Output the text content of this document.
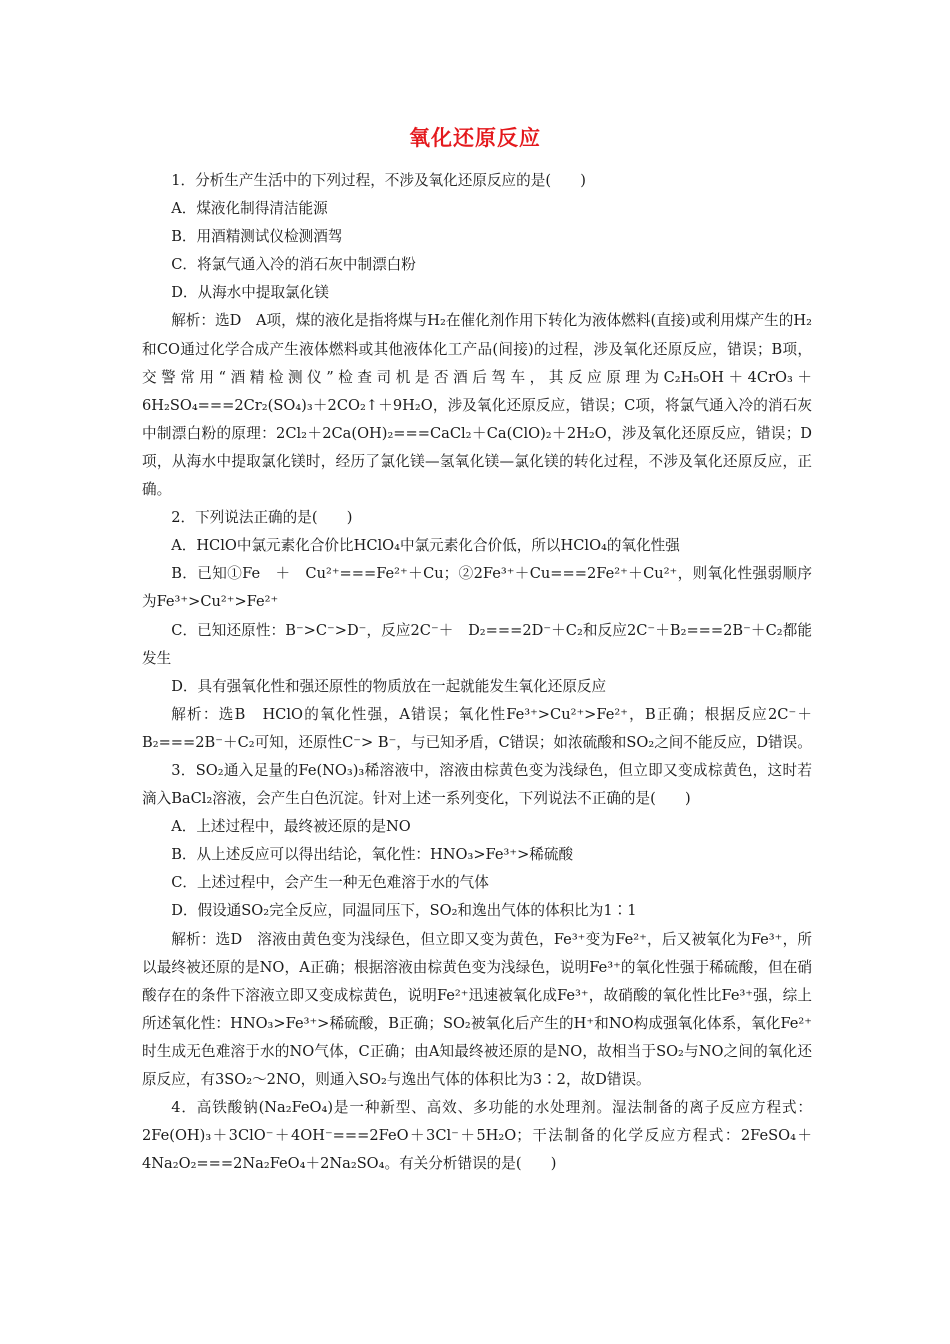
氧化还原反应

1．分析生产生活中的下列过程，不涉及氧化还原反应的是(　　)

A．煤液化制得清洁能源

B．用酒精测试仪检测酒驾

C．将氯气通入冷的消石灰中制漂白粉

D．从海水中提取氯化镁

解析：选D　A项，煤的液化是指将煤与H₂在催化剂作用下转化为液体燃料(直接)或利用煤产生的H₂和CO通过化学合成产生液体燃料或其他液体化工产品(间接)的过程，涉及氧化还原反应，错误；B项，交警常用“酒精检测仪”检查司机是否酒后驾车，其反应原理为C₂H₅OH＋4CrO₃＋6H₂SO₄===2Cr₂(SO₄)₃＋2CO₂↑＋9H₂O，涉及氧化还原反应，错误；C项，将氯气通入冷的消石灰中制漂白粉的原理：2Cl₂＋2Ca(OH)₂===CaCl₂＋Ca(ClO)₂＋2H₂O，涉及氧化还原反应，错误；D项，从海水中提取氯化镁时，经历了氯化镁—氢氧化镁—氯化镁的转化过程，不涉及氧化还原反应，正确。

2．下列说法正确的是(　　)

A．HClO中氯元素化合价比HClO₄中氯元素化合价低，所以HClO₄的氧化性强

B．已知①Fe　＋　Cu²⁺===Fe²⁺＋Cu；②2Fe³⁺＋Cu===2Fe²⁺＋Cu²⁺，则氧化性强弱顺序为Fe³⁺>Cu²⁺>Fe²⁺

C．已知还原性：B⁻>C⁻>D⁻，反应2C⁻＋　D₂===2D⁻＋C₂和反应2C⁻＋B₂===2B⁻＋C₂都能发生

D．具有强氧化性和强还原性的物质放在一起就能发生氧化还原反应

解析：选B　HClO的氧化性强，A错误；氧化性Fe³⁺>Cu²⁺>Fe²⁺，B正确；根据反应2C⁻＋B₂===2B⁻＋C₂可知，还原性C⁻> B⁻，与已知矛盾，C错误；如浓硫酸和SO₂之间不能反应，D错误。

3．SO₂通入足量的Fe(NO₃)₃稀溶液中，溶液由棕黄色变为浅绿色，但立即又变成棕黄色，这时若滴入BaCl₂溶液，会产生白色沉淀。针对上述一系列变化，下列说法不正确的是(　　)

A．上述过程中，最终被还原的是NO

B．从上述反应可以得出结论，氧化性：HNO₃>Fe³⁺>稀硫酸

C．上述过程中，会产生一种无色难溶于水的气体

D．假设通SO₂完全反应，同温同压下，SO₂和逸出气体的体积比为1∶1

解析：选D　溶液由黄色变为浅绿色，但立即又变为黄色，Fe³⁺变为Fe²⁺，后又被氧化为Fe³⁺，所以最终被还原的是NO，A正确；根据溶液由棕黄色变为浅绿色，说明Fe³⁺的氧化性强于稀硫酸，但在硝酸存在的条件下溶液立即又变成棕黄色，说明Fe²⁺迅速被氧化成Fe³⁺，故硝酸的氧化性比Fe³⁺强，综上所述氧化性：HNO₃>Fe³⁺>稀硫酸，B正确；SO₂被氧化后产生的H⁺和NO构成强氧化体系，氧化Fe²⁺时生成无色难溶于水的NO气体，C正确；由A知最终被还原的是NO，故相当于SO₂与NO之间的氧化还原反应，有3SO₂～2NO，则通入SO₂与逸出气体的体积比为3∶2，故D错误。

4．高铁酸钠(Na₂FeO₄)是一种新型、高效、多功能的水处理剂。湿法制备的离子反应方程式：2Fe(OH)₃＋3ClO⁻＋4OH⁻===2FeO＋3Cl⁻＋5H₂O；干法制备的化学反应方程式：2FeSO₄＋4Na₂O₂===2Na₂FeO₄＋2Na₂SO₄。有关分析错误的是(　　)
